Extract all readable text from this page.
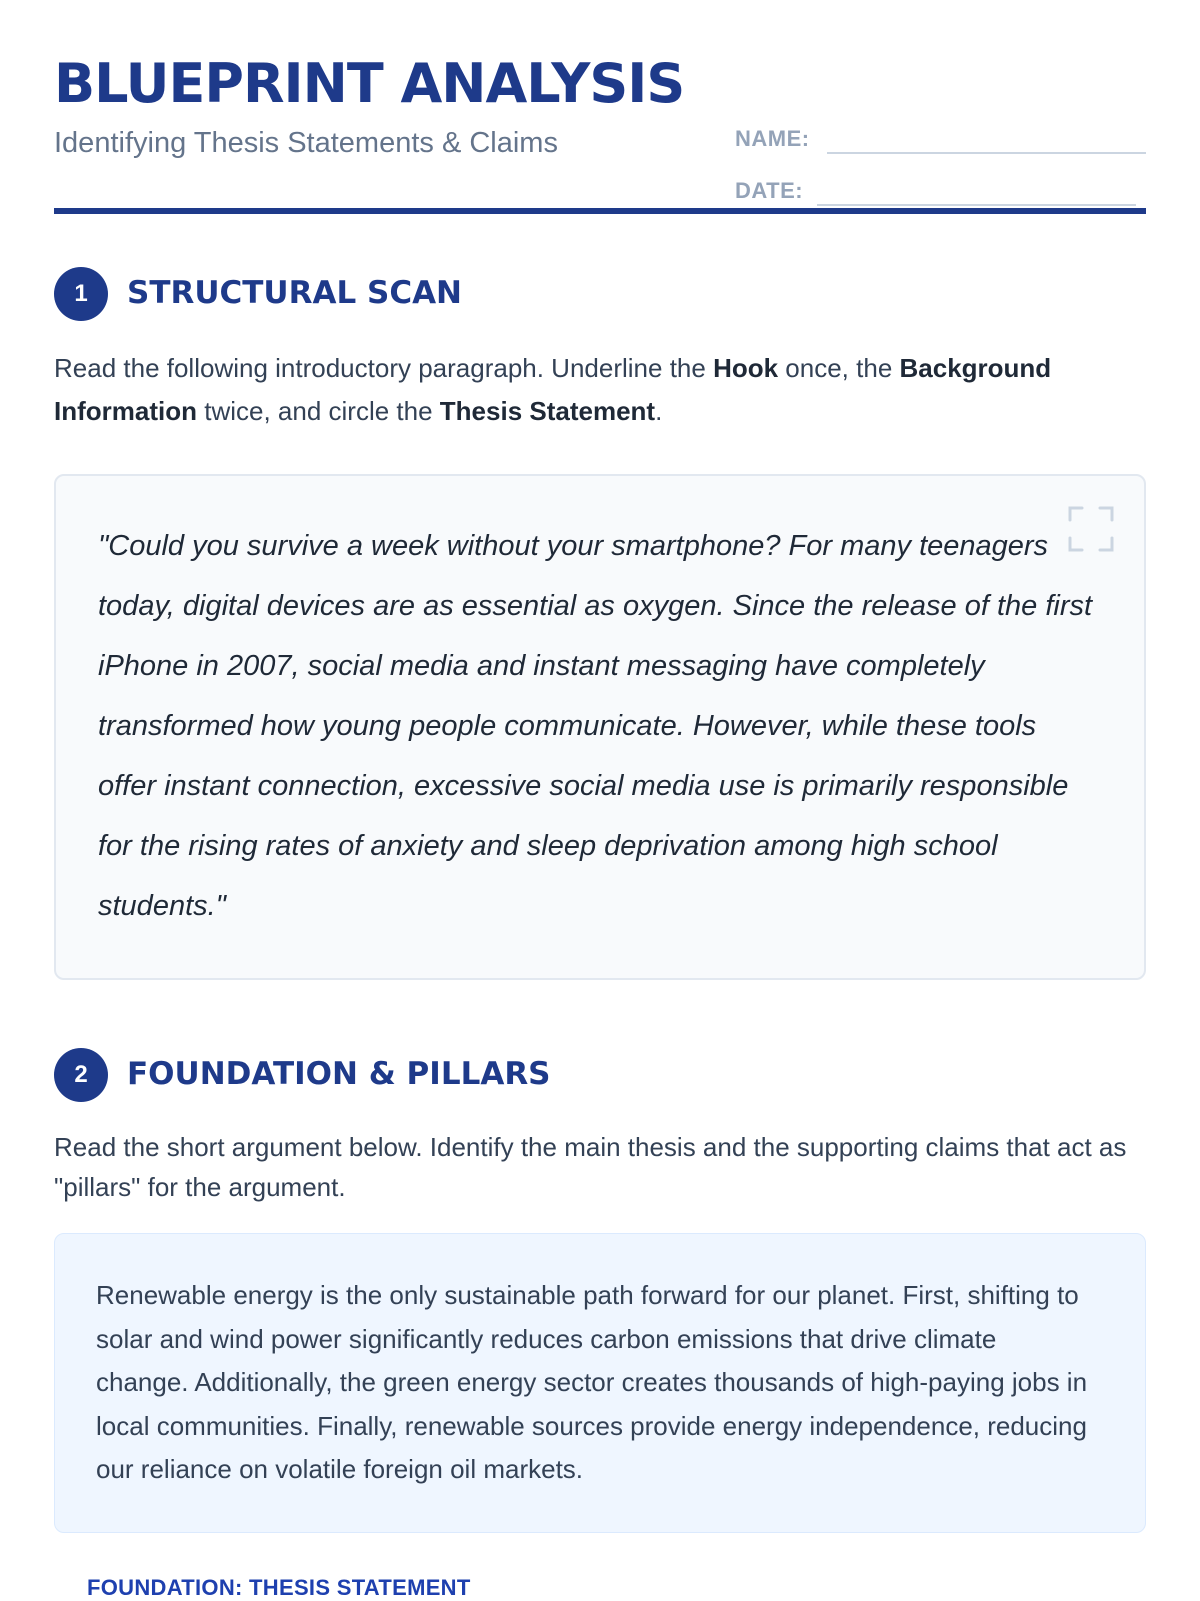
BLUEPRINT ANALYSIS
Identifying Thesis Statements & Claims	NAME:
DATE:
1	STRUCTURAL SCAN

Read the following introductory paragraph. Underline the Hook once, the Background Information twice, and circle the Thesis Statement.

"Could you survive a week without your smartphone? For many teenagers today, digital devices are as essential as oxygen. Since the release of the first iPhone in 2007, social media and instant messaging have completely transformed how young people communicate. However, while these tools offer instant connection, excessive social media use is primarily responsible for the rising rates of anxiety and sleep deprivation among high school students."

2	FOUNDATION & PILLARS

Read the short argument below. Identify the main thesis and the supporting claims that act as "pillars" for the argument.

Renewable energy is the only sustainable path forward for our planet. First, shifting to solar and wind power significantly reduces carbon emissions that drive climate change. Additionally, the green energy sector creates thousands of high-paying jobs in local communities. Finally, renewable sources provide energy independence, reducing our reliance on volatile foreign oil markets.

FOUNDATION: THESIS STATEMENT
